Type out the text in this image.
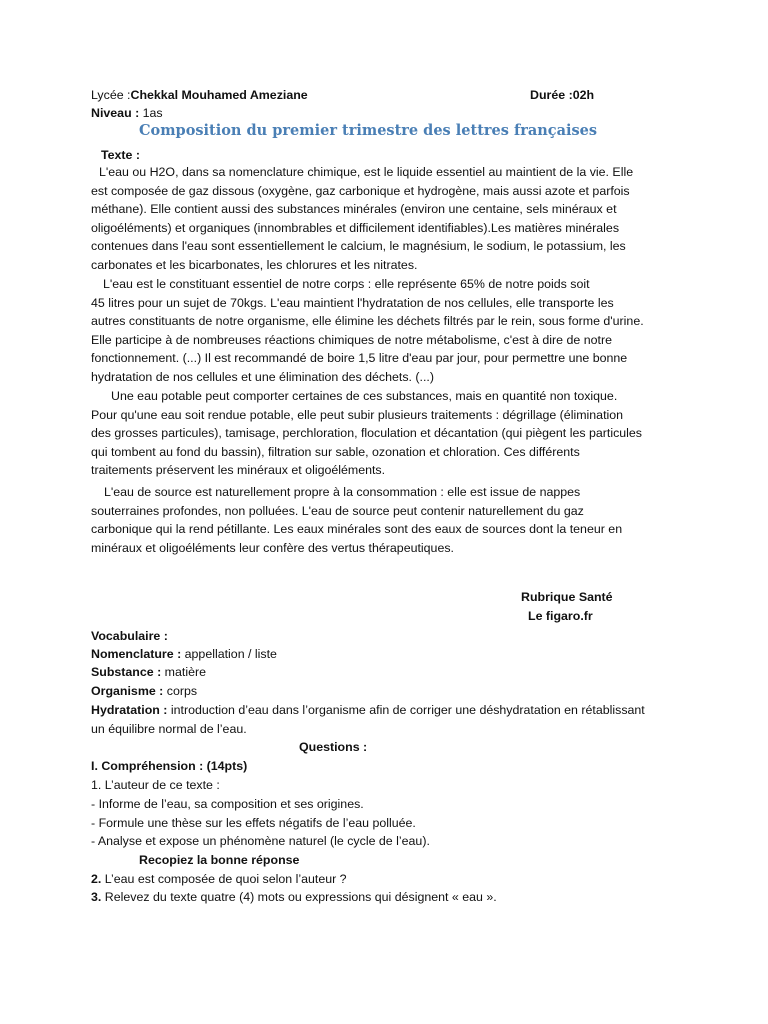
Lycée :Chekkal Mouhamed Ameziane	Durée :02h
Niveau : 1as
Composition du premier trimestre des lettres françaises
Texte :
L'eau ou H2O, dans sa nomenclature chimique, est le liquide essentiel au maintient de la vie. Elle
est composée de gaz dissous (oxygène, gaz carbonique et hydrogène, mais aussi azote et parfois
méthane). Elle contient aussi des substances minérales (environ une centaine, sels minéraux et
oligoéléments) et organiques (innombrables et difficilement identifiables).Les matières minérales
contenues dans l'eau sont essentiellement le calcium, le magnésium, le sodium, le potassium, les
carbonates et les bicarbonates, les chlorures et les nitrates.
L'eau est le constituant essentiel de notre corps : elle représente 65% de notre poids soit
45 litres pour un sujet de 70kgs. L'eau maintient l'hydratation de nos cellules, elle transporte les
autres constituants de notre organisme, elle élimine les déchets filtrés par le rein, sous forme d'urine.
Elle participe à de nombreuses réactions chimiques de notre métabolisme, c'est à dire de notre
fonctionnement. (...) Il est recommandé de boire 1,5 litre d'eau par jour, pour permettre une bonne
hydratation de nos cellules et une élimination des déchets. (...)
Une eau potable peut comporter certaines de ces substances, mais en quantité non toxique.
Pour qu'une eau soit rendue potable, elle peut subir plusieurs traitements : dégrillage (élimination
des grosses particules), tamisage, perchloration, floculation et décantation (qui piègent les particules
qui tombent au fond du bassin), filtration sur sable, ozonation et chloration. Ces différents
traitements préservent les minéraux et oligoéléments.
L'eau de source est naturellement propre à la consommation : elle est issue de nappes
souterraines profondes, non polluées. L'eau de source peut contenir naturellement du gaz
carbonique qui la rend pétillante. Les eaux minérales sont des eaux de sources dont la teneur en
minéraux et oligoéléments leur confère des vertus thérapeutiques.
Rubrique Santé
Le figaro.fr
Vocabulaire :
Nomenclature : appellation / liste
Substance : matière
Organisme : corps
Hydratation : introduction d’eau dans l’organisme afin de corriger une déshydratation en rétablissant
un équilibre normal de l’eau.
Questions :
I. Compréhension : (14pts)
1. L’auteur de ce texte :
- Informe de l’eau, sa composition et ses origines.
- Formule une thèse sur les effets négatifs de l’eau polluée.
- Analyse et expose un phénomène naturel (le cycle de l’eau).
Recopiez la bonne réponse
2. L’eau est composée de quoi selon l’auteur ?
3. Relevez du texte quatre (4) mots ou expressions qui désignent « eau ».
